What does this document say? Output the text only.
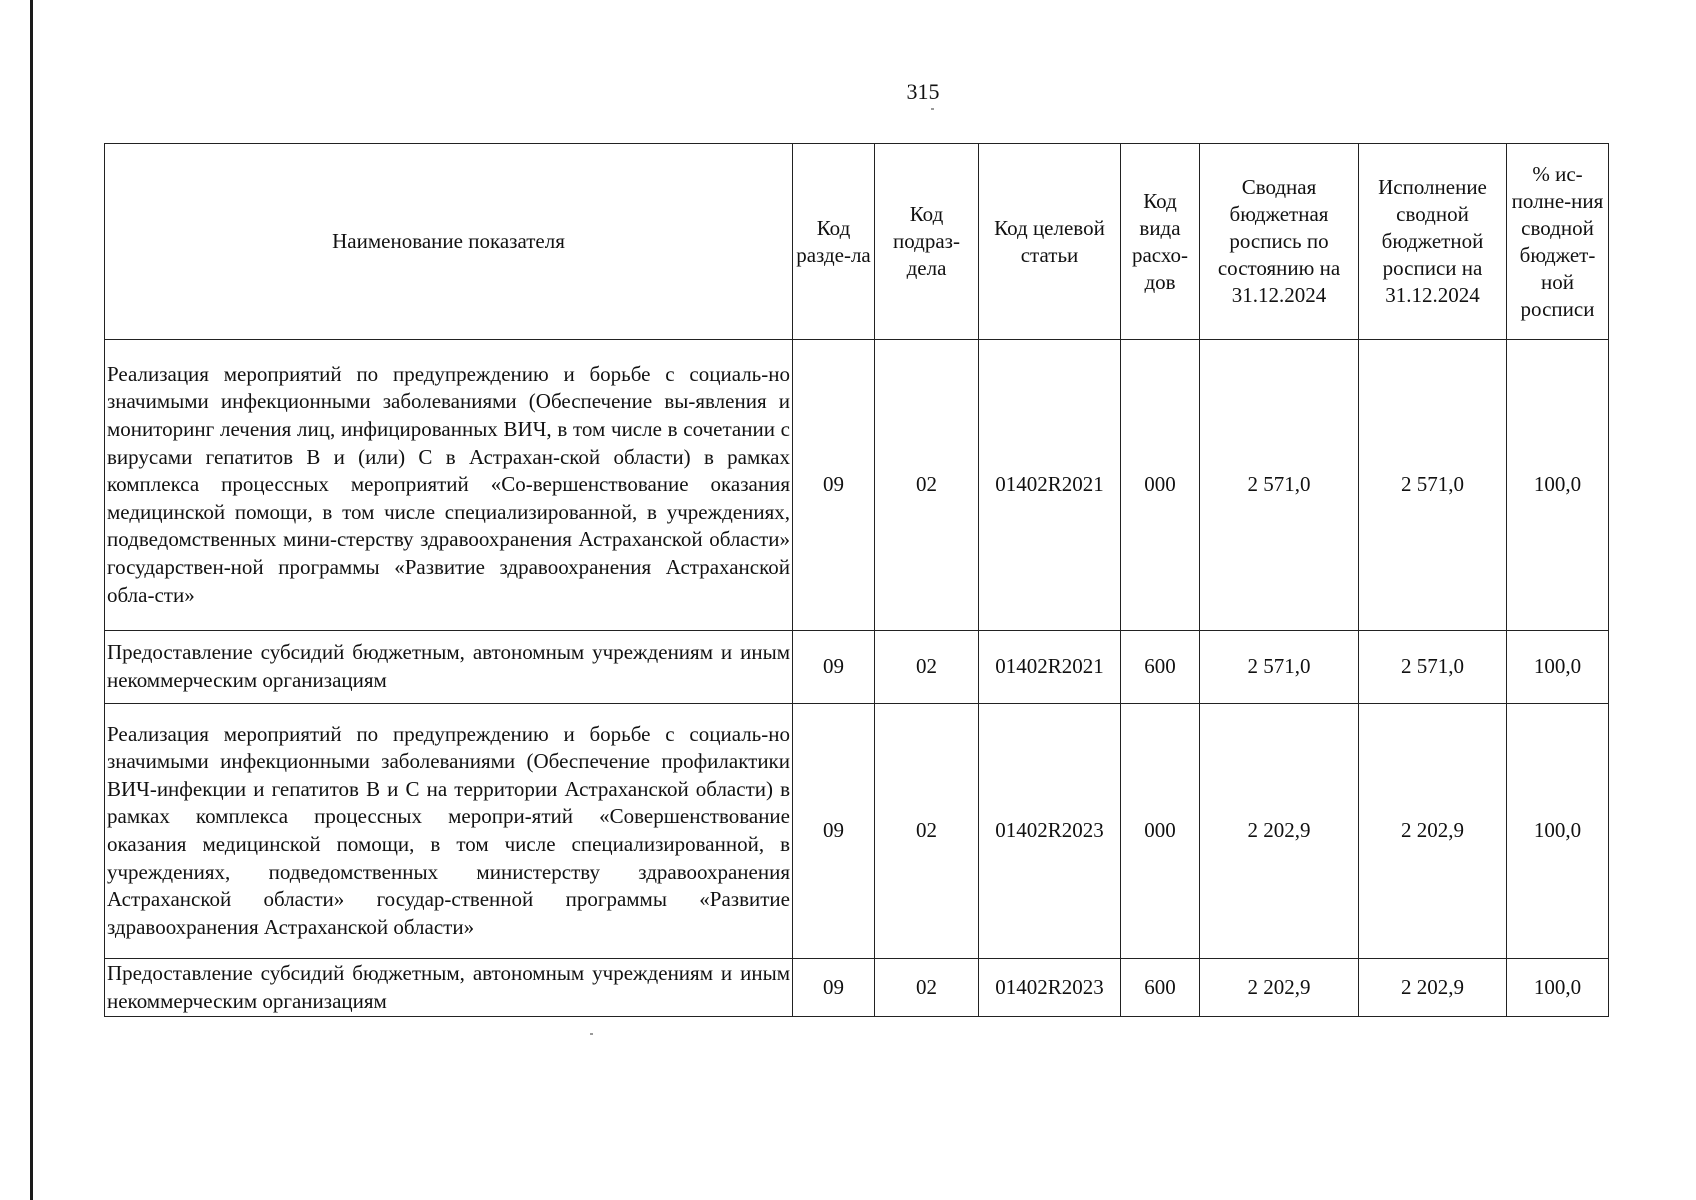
315
Наименование показателя	Код разде-ла	Код подраз-дела	Код целевой статьи	Код вида расхо-дов	Сводная бюджетная роспись по состоянию на 31.12.2024	Исполнение сводной бюджетной росписи на 31.12.2024	% ис-полне-ния сводной бюджет-ной росписи
Реализация мероприятий по предупреждению и борьбе с социаль-но значимыми инфекционными заболеваниями (Обеспечение вы-явления и мониторинг лечения лиц, инфицированных ВИЧ, в том числе в сочетании с вирусами гепатитов В и (или) С в Астрахан-ской области) в рамках комплекса процессных мероприятий «Со-вершенствование оказания медицинской помощи, в том числе специализированной, в учреждениях, подведомственных мини-стерству здравоохранения Астраханской области» государствен-ной программы «Развитие здравоохранения Астраханской обла-сти»	09	02	01402R2021	000	2 571,0	2 571,0	100,0
Предоставление субсидий бюджетным, автономным учреждениям и иным некоммерческим организациям	09	02	01402R2021	600	2 571,0	2 571,0	100,0
Реализация мероприятий по предупреждению и борьбе с социаль-но значимыми инфекционными заболеваниями (Обеспечение профилактики ВИЧ-инфекции и гепатитов В и С на территории Астраханской области) в рамках комплекса процессных меропри-ятий «Совершенствование оказания медицинской помощи, в том числе специализированной, в учреждениях, подведомственных министерству здравоохранения Астраханской области» государ-ственной программы «Развитие здравоохранения Астраханской области»	09	02	01402R2023	000	2 202,9	2 202,9	100,0
Предоставление субсидий бюджетным, автономным учреждениям и иным некоммерческим организациям	09	02	01402R2023	600	2 202,9	2 202,9	100,0
